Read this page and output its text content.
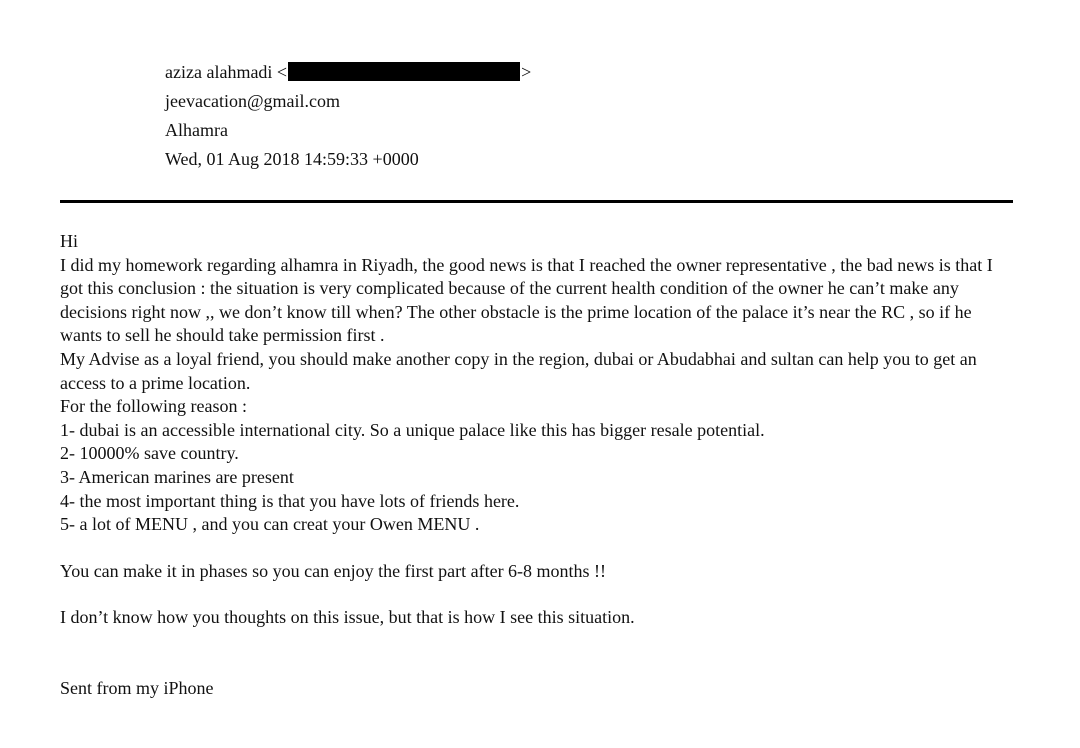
aziza alahmadi <	>
jeevacation@gmail.com
Alhamra
Wed, 01 Aug 2018 14:59:33 +0000

Hi

I did my homework regarding alhamra in Riyadh, the good news is that I reached the owner representative , the bad news is that I got this conclusion : the situation is very complicated because of the current health condition of the owner he can’t make any decisions right now ,, we don’t know till when? The other obstacle is the prime location of the palace it’s near the RC , so if he wants to sell he should take permission first .

My Advise as a loyal friend, you should make another copy in the region, dubai or Abudabhai and sultan can help you to get an access to a prime location.

For the following reason :

1- dubai is an accessible international city. So a unique palace like this has bigger resale potential.

2- 10000% save country.

3- American marines are present

4- the most important thing is that you have lots of friends here.

5- a lot of MENU , and you can creat your Owen MENU .

You can make it in phases so you can enjoy the first part after 6-8 months !!

I don’t know how you thoughts on this issue, but that is how I see this situation.

Sent from my iPhone
